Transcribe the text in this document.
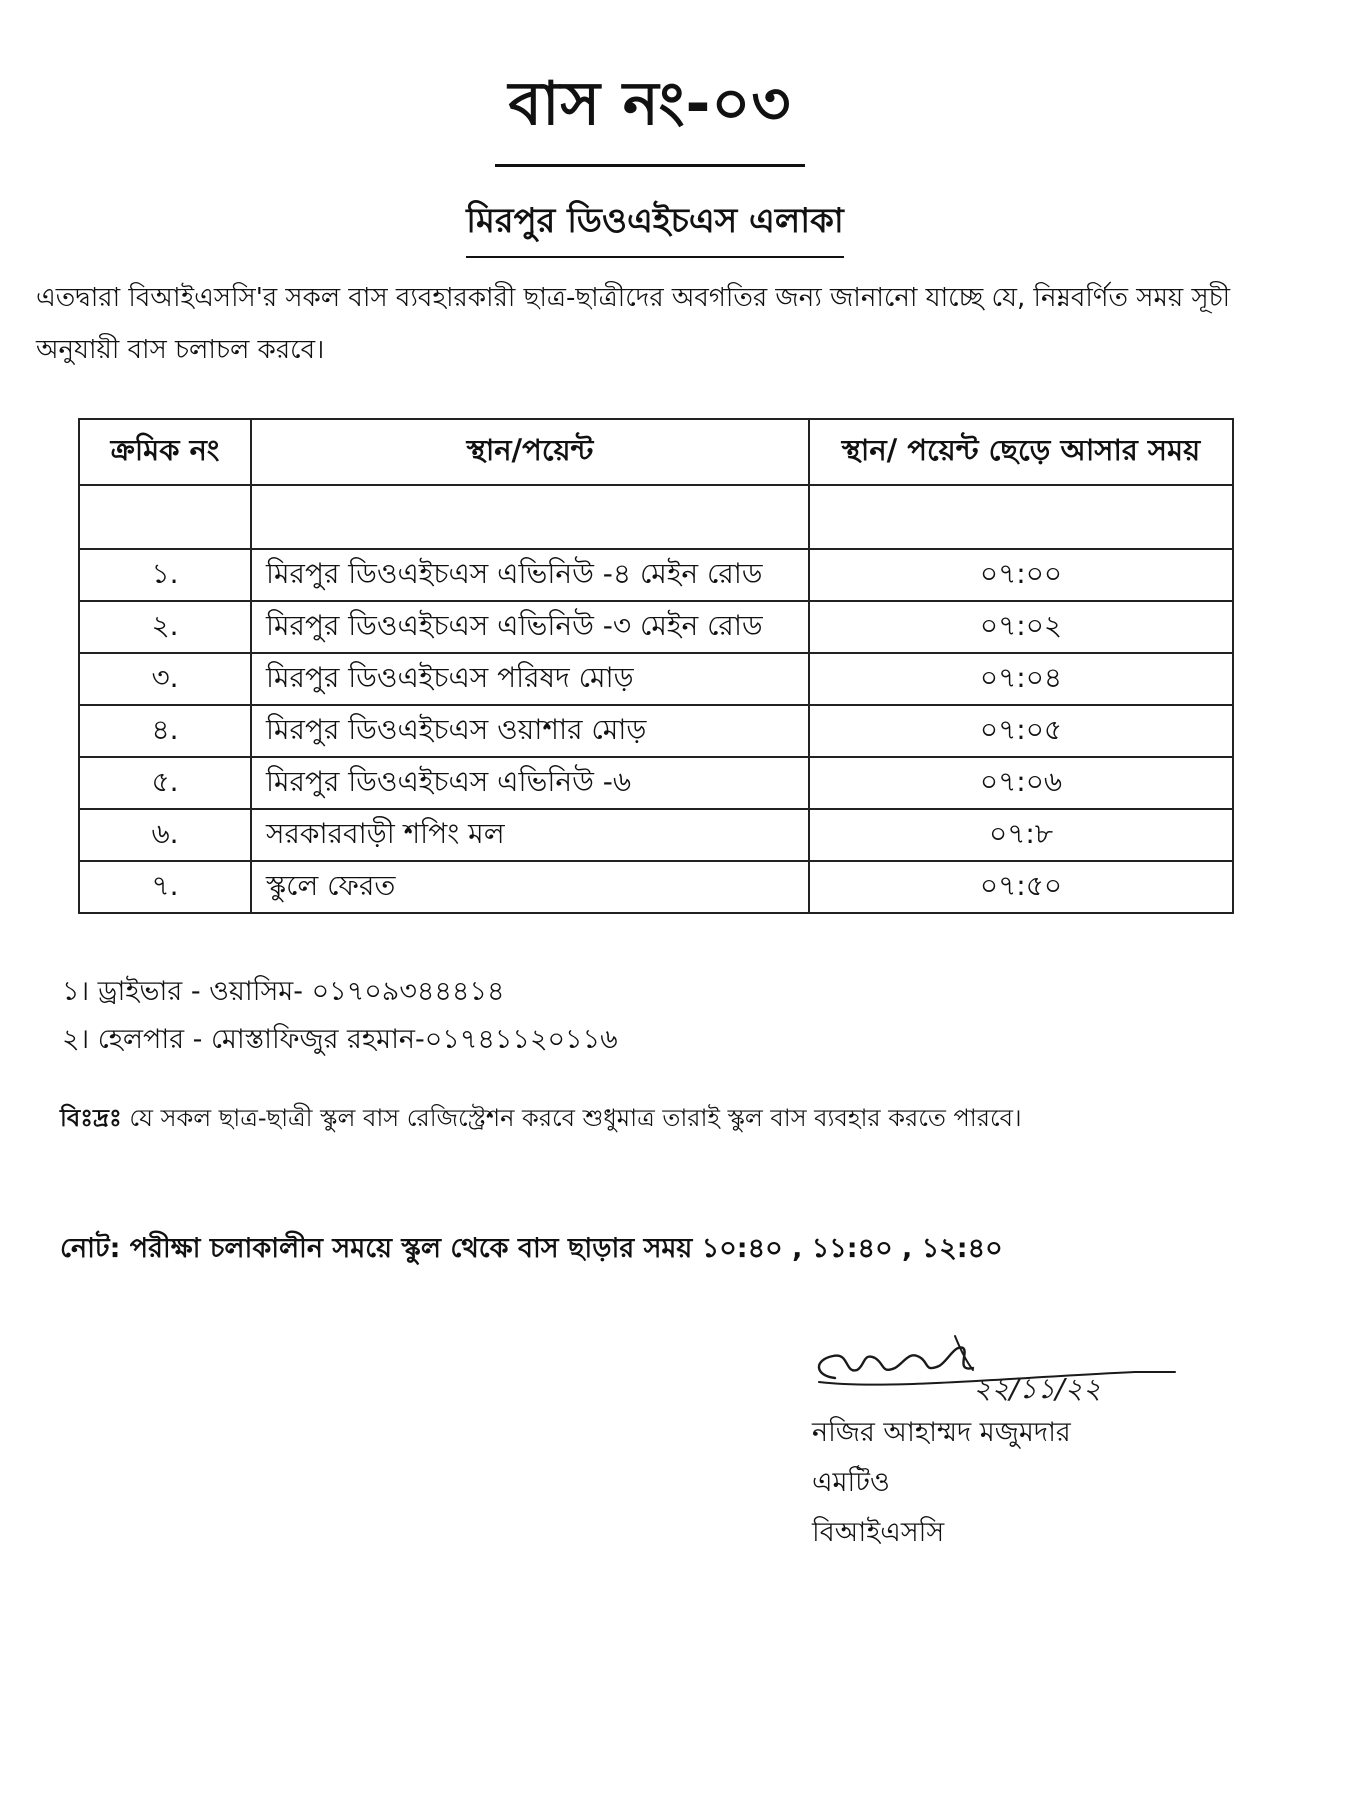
বাস নং-০৩
মিরপুর ডিওএইচএস এলাকা
এতদ্বারা বিআইএসসি'র সকল বাস ব্যবহারকারী ছাত্র-ছাত্রীদের অবগতির জন্য জানানো যাচ্ছে যে, নিম্নবর্ণিত সময় সূচী অনুযায়ী বাস চলাচল করবে।
ক্রমিক নং	স্থান/পয়েন্ট	স্থান/ পয়েন্ট ছেড়ে আসার সময়

১.	মিরপুর ডিওএইচএস এভিনিউ -৪ মেইন রোড	০৭:০০
২.	মিরপুর ডিওএইচএস এভিনিউ -৩ মেইন রোড	০৭:০২
৩.	মিরপুর ডিওএইচএস পরিষদ মোড়	০৭:০৪
৪.	মিরপুর ডিওএইচএস ওয়াশার মোড়	০৭:০৫
৫.	মিরপুর ডিওএইচএস এভিনিউ -৬	০৭:০৬
৬.	সরকারবাড়ী শপিং মল	০৭:৮
৭.	স্কুলে ফেরত	০৭:৫০
১। ড্রাইভার - ওয়াসিম- ০১৭০৯৩৪৪৪১৪
২। হেলপার - মোস্তাফিজুর রহমান-০১৭৪১১২০১১৬
বিঃদ্রঃ যে সকল ছাত্র-ছাত্রী স্কুল বাস রেজিস্ট্রেশন করবে শুধুমাত্র তারাই স্কুল বাস ব্যবহার করতে পারবে।
নোট: পরীক্ষা চলাকালীন সময়ে স্কুল থেকে বাস ছাড়ার সময় ১০:৪০ , ১১:৪০ , ১২:৪০
২২/১১/২২
নজির আহাম্মদ মজুমদার
এমটিও
বিআইএসসি
